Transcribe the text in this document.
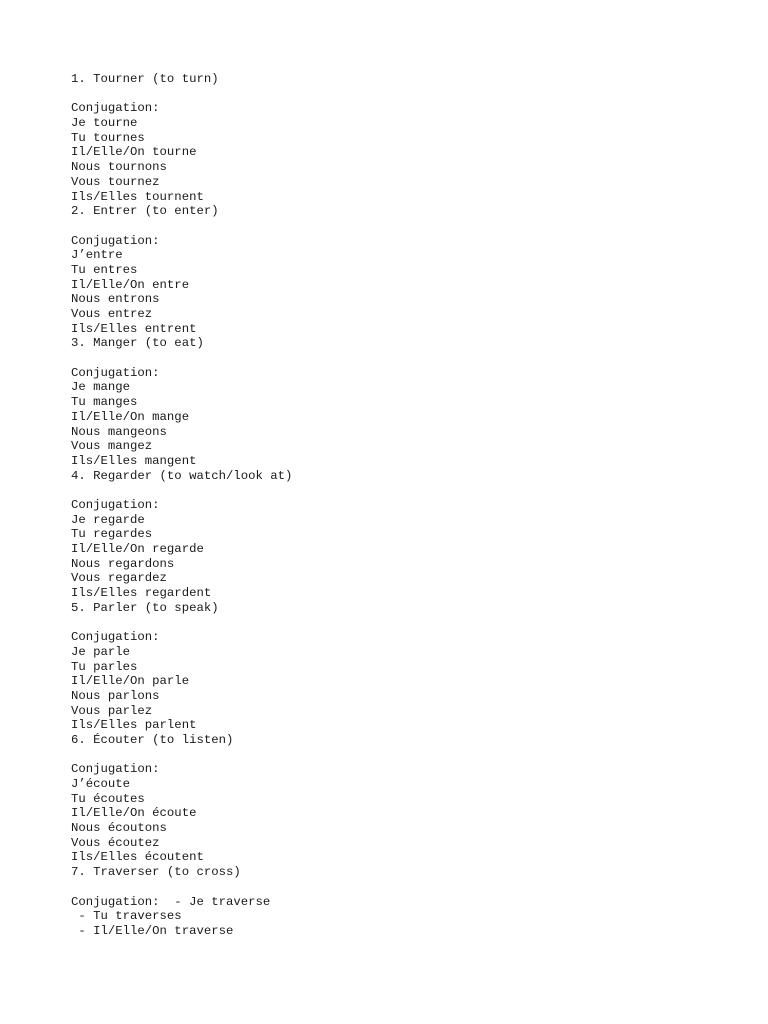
1. Tourner (to turn)
Conjugation:
Je tourne
Tu tournes
Il/Elle/On tourne
Nous tournons
Vous tournez
Ils/Elles tournent
2. Entrer (to enter)
Conjugation:
J’entre
Tu entres
Il/Elle/On entre
Nous entrons
Vous entrez
Ils/Elles entrent
3. Manger (to eat)
Conjugation:
Je mange
Tu manges
Il/Elle/On mange
Nous mangeons
Vous mangez
Ils/Elles mangent
4. Regarder (to watch/look at)
Conjugation:
Je regarde
Tu regardes
Il/Elle/On regarde
Nous regardons
Vous regardez
Ils/Elles regardent
5. Parler (to speak)
Conjugation:
Je parle
Tu parles
Il/Elle/On parle
Nous parlons
Vous parlez
Ils/Elles parlent
6. Écouter (to listen)
Conjugation:
J’écoute
Tu écoutes
Il/Elle/On écoute
Nous écoutons
Vous écoutez
Ils/Elles écoutent
7. Traverser (to cross)
Conjugation:  - Je traverse
- Tu traverses
- Il/Elle/On traverse
